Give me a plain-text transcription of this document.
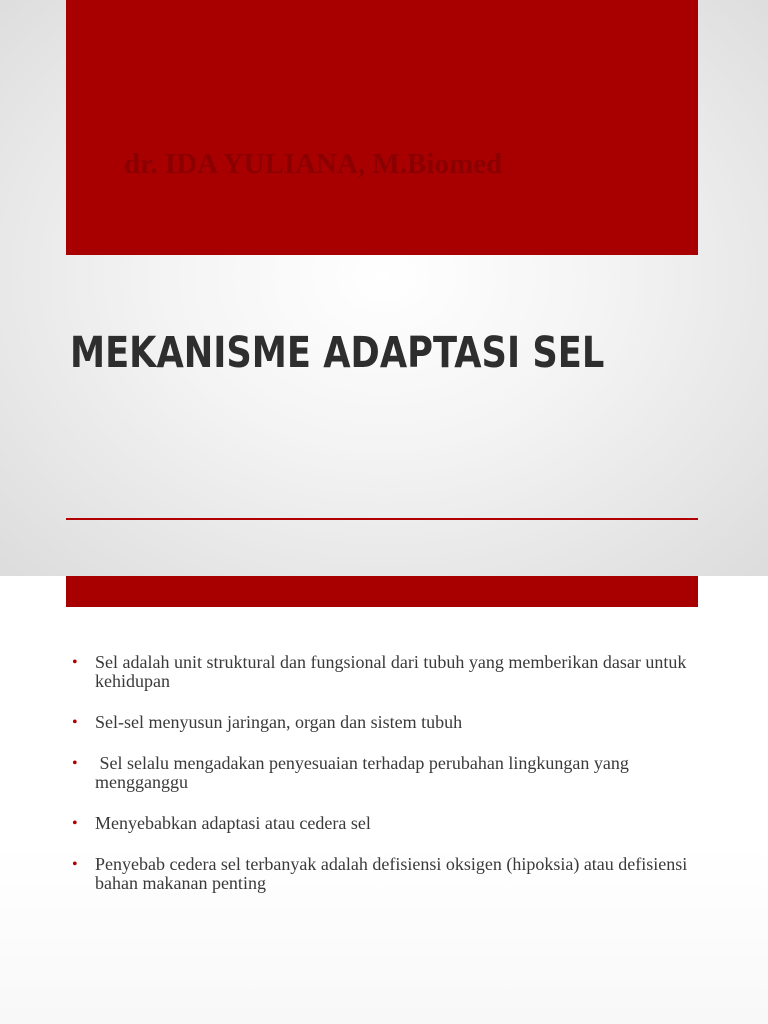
dr. IDA YULIANA, M.Biomed
MEKANISME ADAPTASI SEL
• Sel adalah unit struktural dan fungsional dari tubuh yang memberikan dasar untuk kehidupan
• Sel-sel menyusun jaringan, organ dan sistem tubuh
• Sel selalu mengadakan penyesuaian terhadap perubahan lingkungan yang mengganggu
• Menyebabkan adaptasi atau cedera sel
• Penyebab cedera sel terbanyak adalah defisiensi oksigen (hipoksia) atau defisiensi bahan makanan penting
